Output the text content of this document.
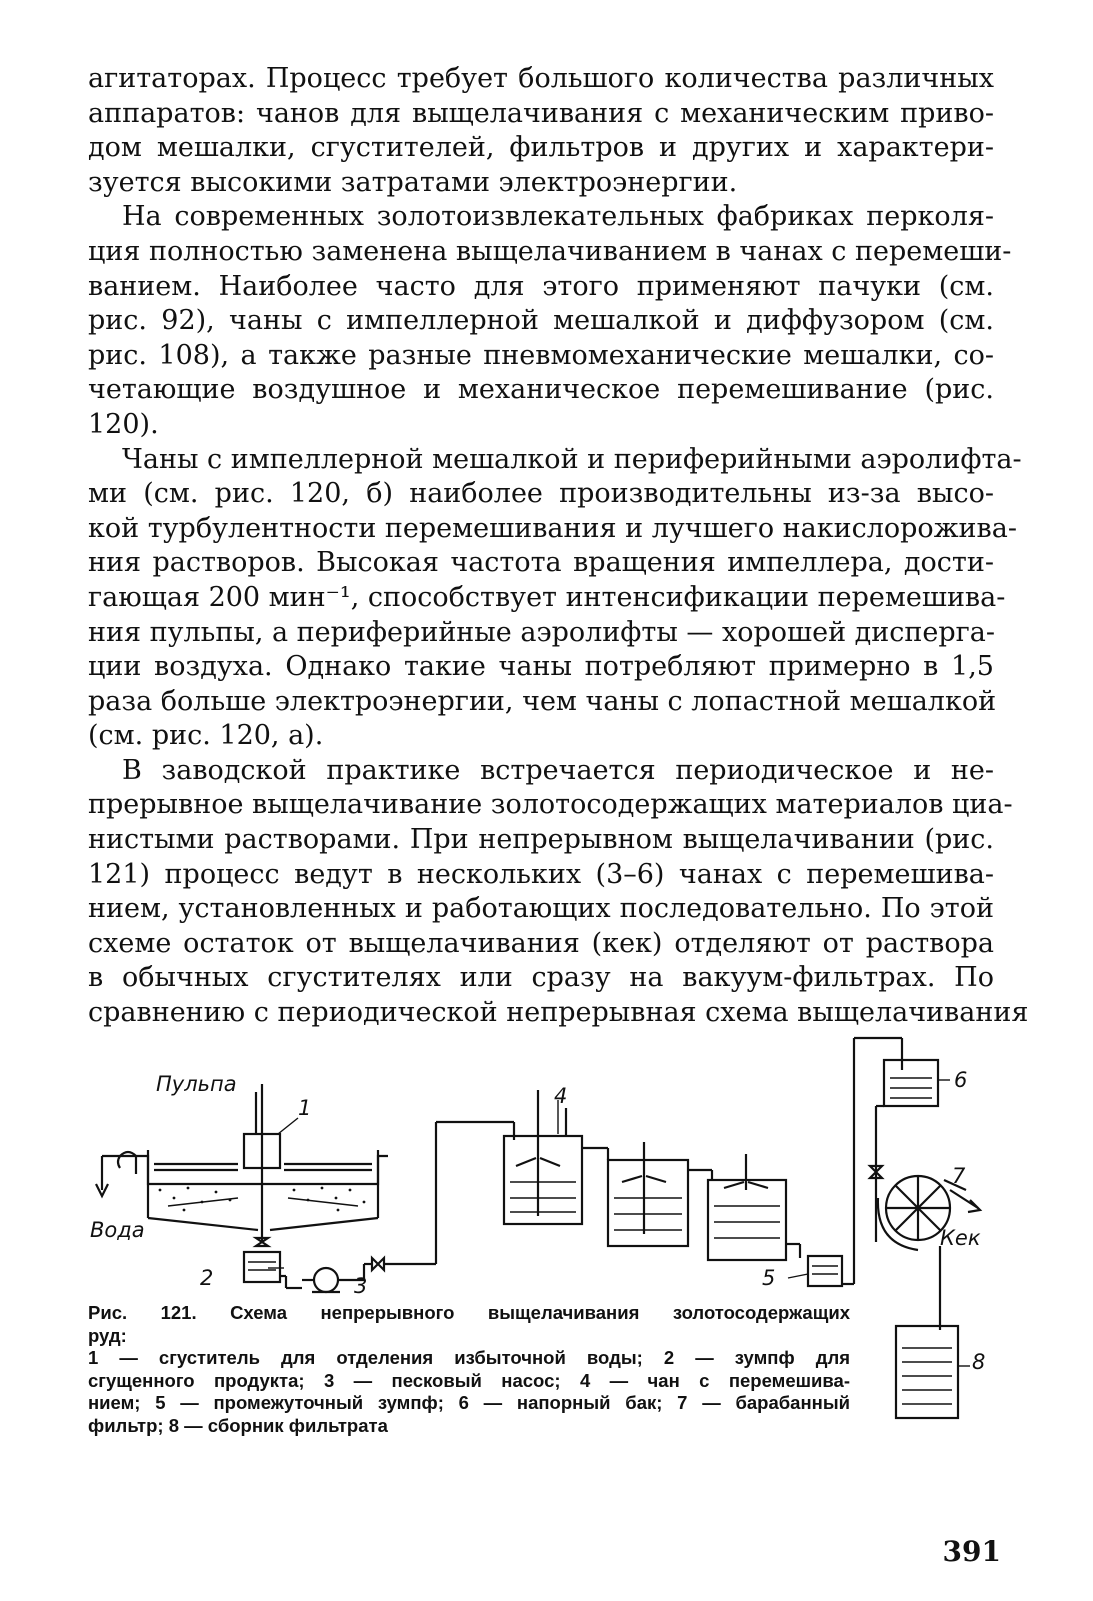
агитаторах. Процесс требует большого количества различных
аппаратов: чанов для выщелачивания с механическим приво-
дом мешалки, сгустителей, фильтров и других и характери-
зуется высокими затратами электроэнергии.
На современных золотоизвлекательных фабриках перколя-
ция полностью заменена выщелачиванием в чанах с перемеши-
ванием. Наиболее часто для этого применяют пачуки (см.
рис. 92), чаны с импеллерной мешалкой и диффузором (см.
рис. 108), а также разные пневмомеханические мешалки, со-
четающие воздушное и механическое перемешивание (рис.
120).
Чаны с импеллерной мешалкой и периферийными аэролифта-
ми (см. рис. 120, б) наиболее производительны из-за высо-
кой турбулентности перемешивания и лучшего накислорожива-
ния растворов. Высокая частота вращения импеллера, дости-
гающая 200 мин⁻¹, способствует интенсификации перемешива-
ния пульпы, а периферийные аэролифты — хорошей дисперга-
ции воздуха. Однако такие чаны потребляют примерно в 1,5
раза больше электроэнергии, чем чаны с лопастной мешалкой
(см. рис. 120, а).
В заводской практике встречается периодическое и не-
прерывное выщелачивание золотосодержащих материалов циа-
нистыми растворами. При непрерывном выщелачивании (рис.
121) процесс ведут в нескольких (3–6) чанах с перемешива-
нием, установленных и работающих последовательно. По этой
схеме остаток от выщелачивания (кек) отделяют от раствора
в обычных сгустителях или сразу на вакуум-фильтрах. По
сравнению с периодической непрерывная схема выщелачивания
Пульпа
Вода	Кек
1
2	3
4
5
6
7
8
Рис. 121. Схема непрерывного выщелачивания золотосодержащих
руд:
1 — сгуститель для отделения избыточной воды; 2 — зумпф для
сгущенного продукта; 3 — песковый насос; 4 — чан с перемешива-
нием; 5 — промежуточный зумпф; 6 — напорный бак; 7 — барабанный
фильтр; 8 — сборник фильтрата
391
